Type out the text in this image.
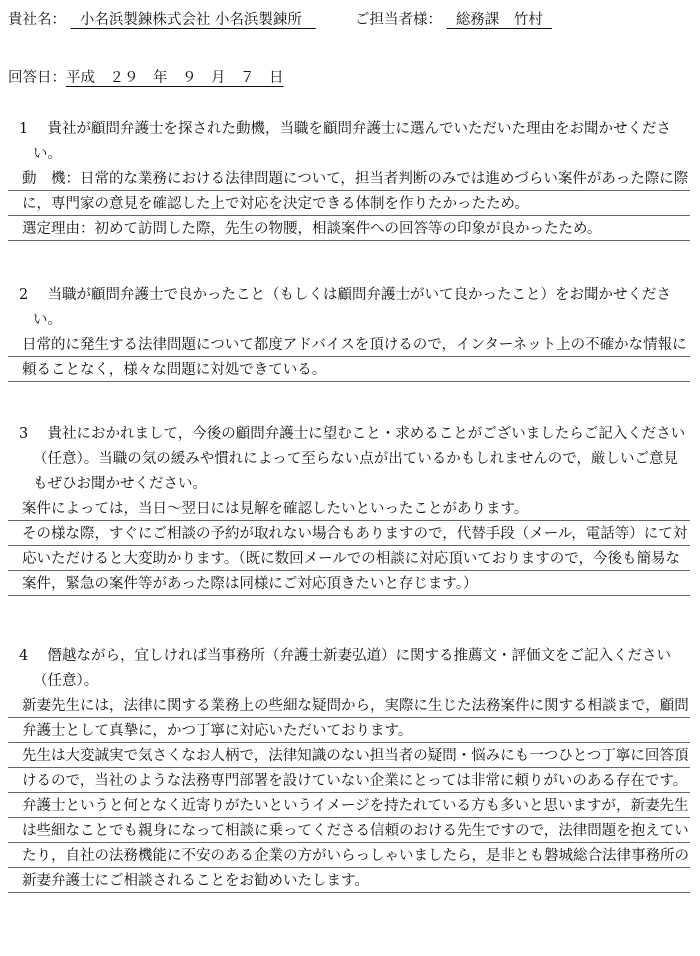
貴社名： 小名浜製錬株式会社 小名浜製錬所	ご担当者様： 総務課　竹村
回答日：平成　２９　年　９　月　７　日

1　 貴社が顧問弁護士を探された動機，当職を顧問弁護士に選んでいただいた理由をお聞かせください。

動　機：日常的な業務における法律問題について，担当者判断のみでは進めづらい案件があった際に際に，専門家の意見を確認した上で対応を決定できる体制を作りたかったため。
選定理由：初めて訪問した際，先生の物腰，相談案件への回答等の印象が良かったため。

2　 当職が顧問弁護士で良かったこと（もしくは顧問弁護士がいて良かったこと）をお聞かせください。

日常的に発生する法律問題について都度アドバイスを頂けるので，インターネット上の不確かな情報に頼ることなく，様々な問題に対処できている。

3　 貴社におかれまして，今後の顧問弁護士に望むこと・求めることがございましたらご記入ください（任意）。当職の気の緩みや慣れによって至らない点が出ているかもしれませんので，厳しいご意見もぜひお聞かせください。

案件によっては，当日～翌日には見解を確認したいといったことがあります。
その様な際，すぐにご相談の予約が取れない場合もありますので，代替手段（メール，電話等）にて対応いただけると大変助かります。（既に数回メールでの相談に対応頂いておりますので，今後も簡易な案件，緊急の案件等があった際は同様にご対応頂きたいと存じます。）

4　 僭越ながら，宜しければ当事務所（弁護士新妻弘道）に関する推薦文・評価文をご記入ください（任意）。

新妻先生には，法律に関する業務上の些細な疑問から，実際に生じた法務案件に関する相談まで，顧問弁護士として真摯に，かつ丁寧に対応いただいております。
先生は大変誠実で気さくなお人柄で，法律知識のない担当者の疑問・悩みにも一つひとつ丁寧に回答頂けるので，当社のような法務専門部署を設けていない企業にとっては非常に頼りがいのある存在です。
弁護士というと何となく近寄りがたいというイメージを持たれている方も多いと思いますが，新妻先生は些細なことでも親身になって相談に乗ってくださる信頼のおける先生ですので，法律問題を抱えていたり，自社の法務機能に不安のある企業の方がいらっしゃいましたら，是非とも磐城総合法律事務所の新妻弁護士にご相談されることをお勧めいたします。
